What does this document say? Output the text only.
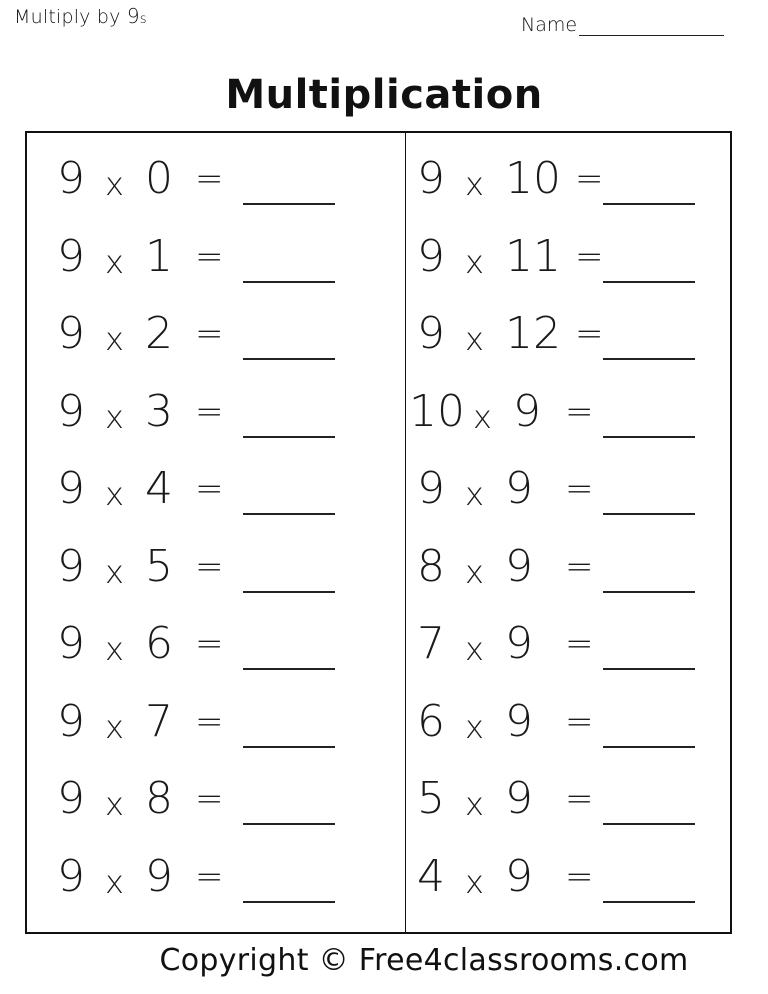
Multiply by 9s	Name
Multiplication
9 x 0 =
9 x 1 =
9 x 2 =
9 x 3 =
9 x 4 =
9 x 5 =
9 x 6 =
9 x 7 =
9 x 8 =
9 x 9 =
9 x 10 =
9 x 11 =
9 x 12 =
10 x 9 =
9 x 9 =
8 x 9 =
7 x 9 =
6 x 9 =
5 x 9 =
4 x 9 =
Copyright © Free4classrooms.com
